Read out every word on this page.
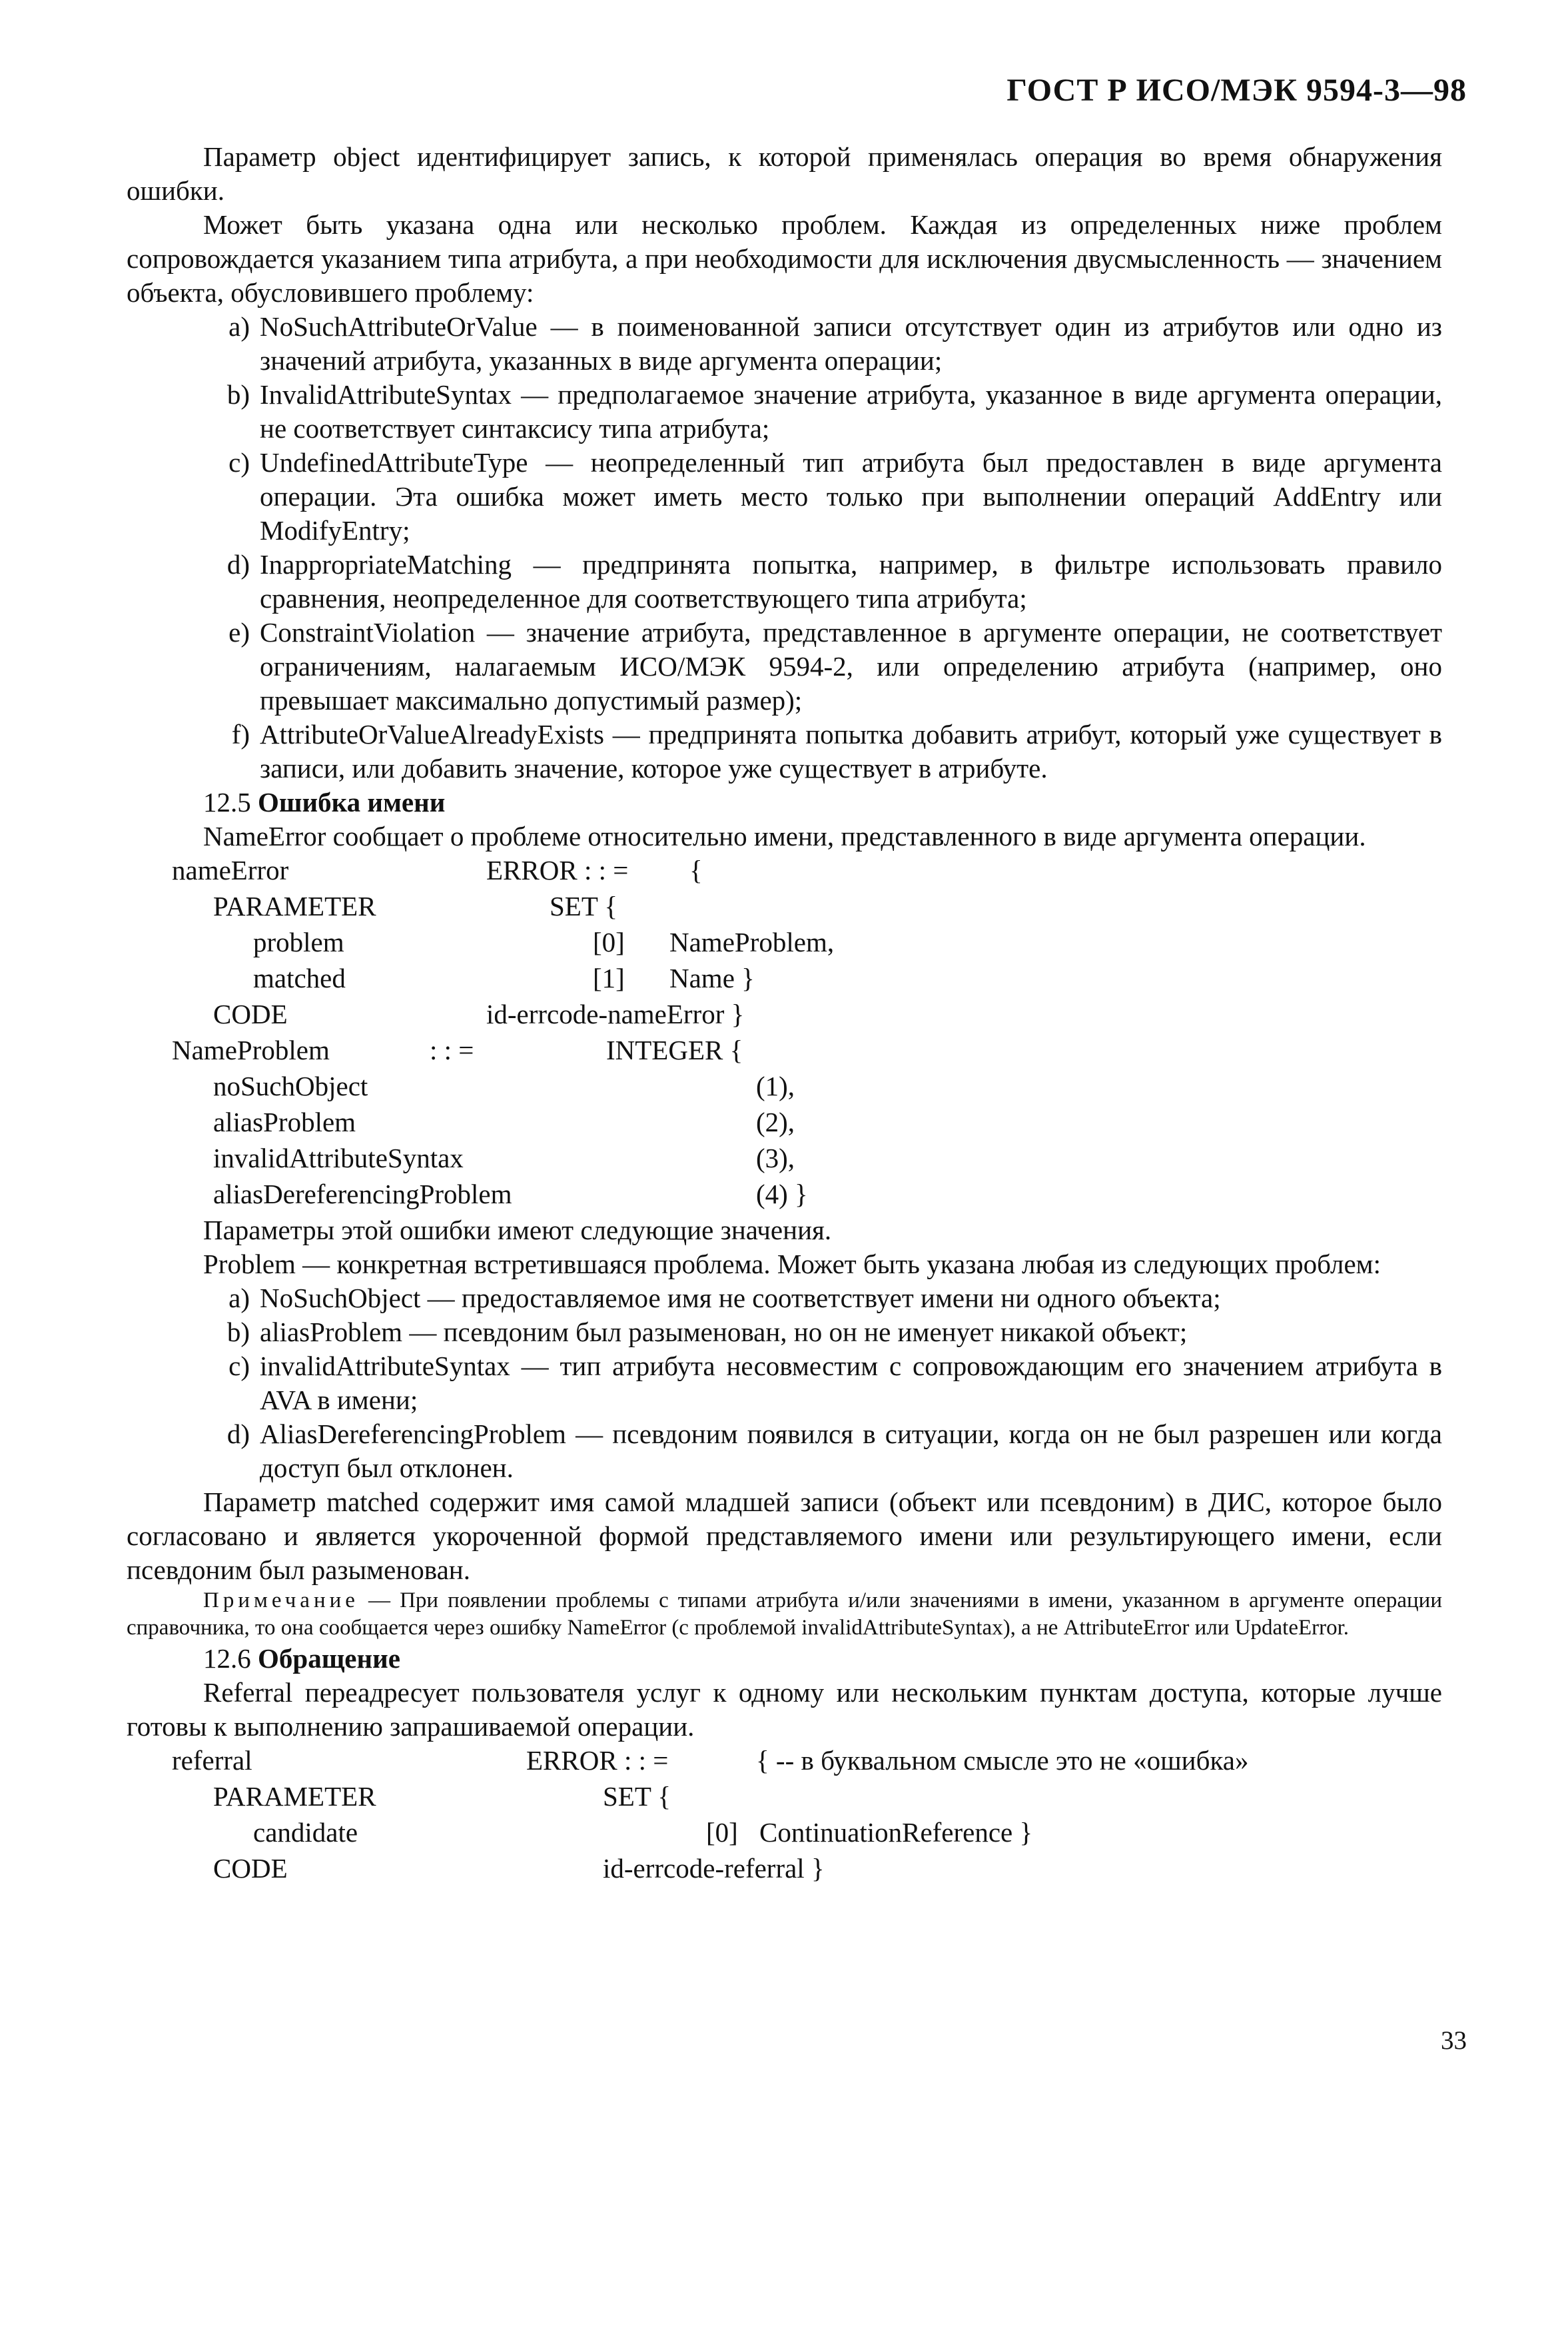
ГОСТ Р ИСО/МЭК 9594-3—98

Параметр object идентифицирует запись, к которой применялась операция во время обнаружения ошибки.

Может быть указана одна или несколько проблем. Каждая из определенных ниже проблем сопровождается указанием типа атрибута, а при необходимости для исключения двусмысленность — значением объекта, обусловившего проблему:

a) NoSuchAttributeOrValue — в поименованной записи отсутствует один из атрибутов или одно из значений атрибута, указанных в виде аргумента операции;
b) InvalidAttributeSyntax — предполагаемое значение атрибута, указанное в виде аргумента операции, не соответствует синтаксису типа атрибута;
c) UndefinedAttributeType — неопределенный тип атрибута был предоставлен в виде аргумента операции. Эта ошибка может иметь место только при выполнении операций AddEntry или ModifyEntry;
d) InappropriateMatching — предпринята попытка, например, в фильтре использовать правило сравнения, неопределенное для соответствующего типа атрибута;
e) ConstraintViolation — значение атрибута, представленное в аргументе операции, не соответствует ограничениям, налагаемым ИСО/МЭК 9594-2, или определению атрибута (например, оно превышает максимально допустимый размер);
f) AttributeOrValueAlreadyExists — предпринята попытка добавить атрибут, который уже существует в записи, или добавить значение, которое уже существует в атрибуте.
12.5 Ошибка имени

NameError сообщает о проблеме относительно имени, представленного в виде аргумента операции.

nameError	ERROR : : = {
PARAMETER	SET {
problem	[0] NameProblem,
matched	[1] Name }
CODE	id-errcode-nameError }
NameProblem	: : =	INTEGER {
noSuchObject	(1),
aliasProblem	(2),
invalidAttributeSyntax	(3),
aliasDereferencingProblem	(4) }

Параметры этой ошибки имеют следующие значения.

Problem — конкретная встретившаяся проблема. Может быть указана любая из следующих проблем:

a) NoSuchObject — предоставляемое имя не соответствует имени ни одного объекта;
b) aliasProblem — псевдоним был разыменован, но он не именует никакой объект;
c) invalidAttributeSyntax — тип атрибута несовместим с сопровождающим его значением атрибута в AVA в имени;
d) AliasDereferencingProblem — псевдоним появился в ситуации, когда он не был разрешен или когда доступ был отклонен.

Параметр matched содержит имя самой младшей записи (объект или псевдоним) в ДИС, которое было согласовано и является укороченной формой представляемого имени или результирующего имени, если псевдоним был разыменован.

Примечание — При появлении проблемы с типами атрибута и/или значениями в имени, указанном в аргументе операции справочника, то она сообщается через ошибку NameError (с проблемой invalidAttributeSyntax), а не AttributeError или UpdateError.

12.6 Обращение

Referral переадресует пользователя услуг к одному или нескольким пунктам доступа, которые лучше готовы к выполнению запрашиваемой операции.

referral	ERROR : : =	{ -- в буквальном смысле это не «ошибка»
PARAMETER	SET {
candidate	[0] ContinuationReference }
CODE	id-errcode-referral }
33
